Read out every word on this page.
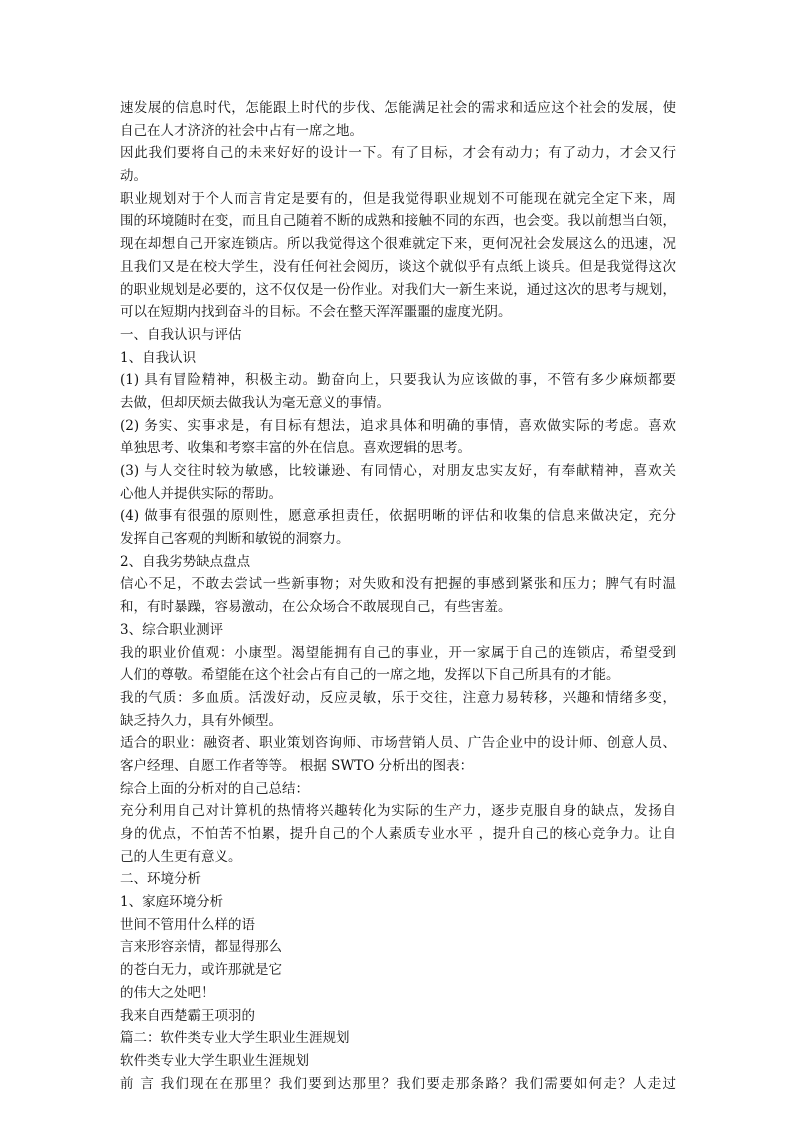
速发展的信息时代，怎能跟上时代的步伐、怎能满足社会的需求和适应这个社会的发展，使
自己在人才济济的社会中占有一席之地。
因此我们要将自己的未来好好的设计一下。有了目标，才会有动力；有了动力，才会又行
动。
职业规划对于个人而言肯定是要有的，但是我觉得职业规划不可能现在就完全定下来，周
围的环境随时在变，而且自己随着不断的成熟和接触不同的东西，也会变。我以前想当白领，
现在却想自己开家连锁店。所以我觉得这个很难就定下来，更何况社会发展这么的迅速，况
且我们又是在校大学生，没有任何社会阅历，谈这个就似乎有点纸上谈兵。但是我觉得这次
的职业规划是必要的，这不仅仅是一份作业。对我们大一新生来说，通过这次的思考与规划，
可以在短期内找到奋斗的目标。不会在整天浑浑噩噩的虚度光阴。
一、自我认识与评估
1、自我认识
(1) 具有冒险精神，积极主动。勤奋向上，只要我认为应该做的事，不管有多少麻烦都要
去做，但却厌烦去做我认为毫无意义的事情。
(2) 务实、实事求是，有目标有想法，追求具体和明确的事情，喜欢做实际的考虑。喜欢
单独思考、收集和考察丰富的外在信息。喜欢逻辑的思考。
(3) 与人交往时较为敏感，比较谦逊、有同情心，对朋友忠实友好，有奉献精神，喜欢关
心他人并提供实际的帮助。
(4) 做事有很强的原则性，愿意承担责任，依据明晰的评估和收集的信息来做决定，充分
发挥自己客观的判断和敏锐的洞察力。
2、自我劣势缺点盘点
信心不足，不敢去尝试一些新事物；对失败和没有把握的事感到紧张和压力；脾气有时温
和，有时暴躁，容易激动，在公众场合不敢展现自己，有些害羞。
3、综合职业测评
我的职业价值观：小康型。渴望能拥有自己的事业，开一家属于自己的连锁店，希望受到
人们的尊敬。希望能在这个社会占有自己的一席之地，发挥以下自己所具有的才能。
我的气质：多血质。活泼好动，反应灵敏，乐于交往，注意力易转移，兴趣和情绪多变，
缺乏持久力，具有外倾型。
适合的职业：融资者、职业策划咨询师、市场营销人员、广告企业中的设计师、创意人员、
客户经理、自愿工作者等等。 根据 SWTO 分析出的图表：
综合上面的分析对的自己总结：
充分利用自己对计算机的热情将兴趣转化为实际的生产力，逐步克服自身的缺点，发扬自
身的优点，不怕苦不怕累，提升自己的个人素质专业水平 ，提升自己的核心竞争力。让自
己的人生更有意义。
二、环境分析
1、家庭环境分析
世间不管用什么样的语
言来形容亲情，都显得那么
的苍白无力，或许那就是它
的伟大之处吧！
我来自西楚霸王项羽的
篇二：软件类专业大学生职业生涯规划
软件类专业大学生职业生涯规划
前 言 我们现在在那里？我们要到达那里？我们要走那条路？我们需要如何走？人走过
